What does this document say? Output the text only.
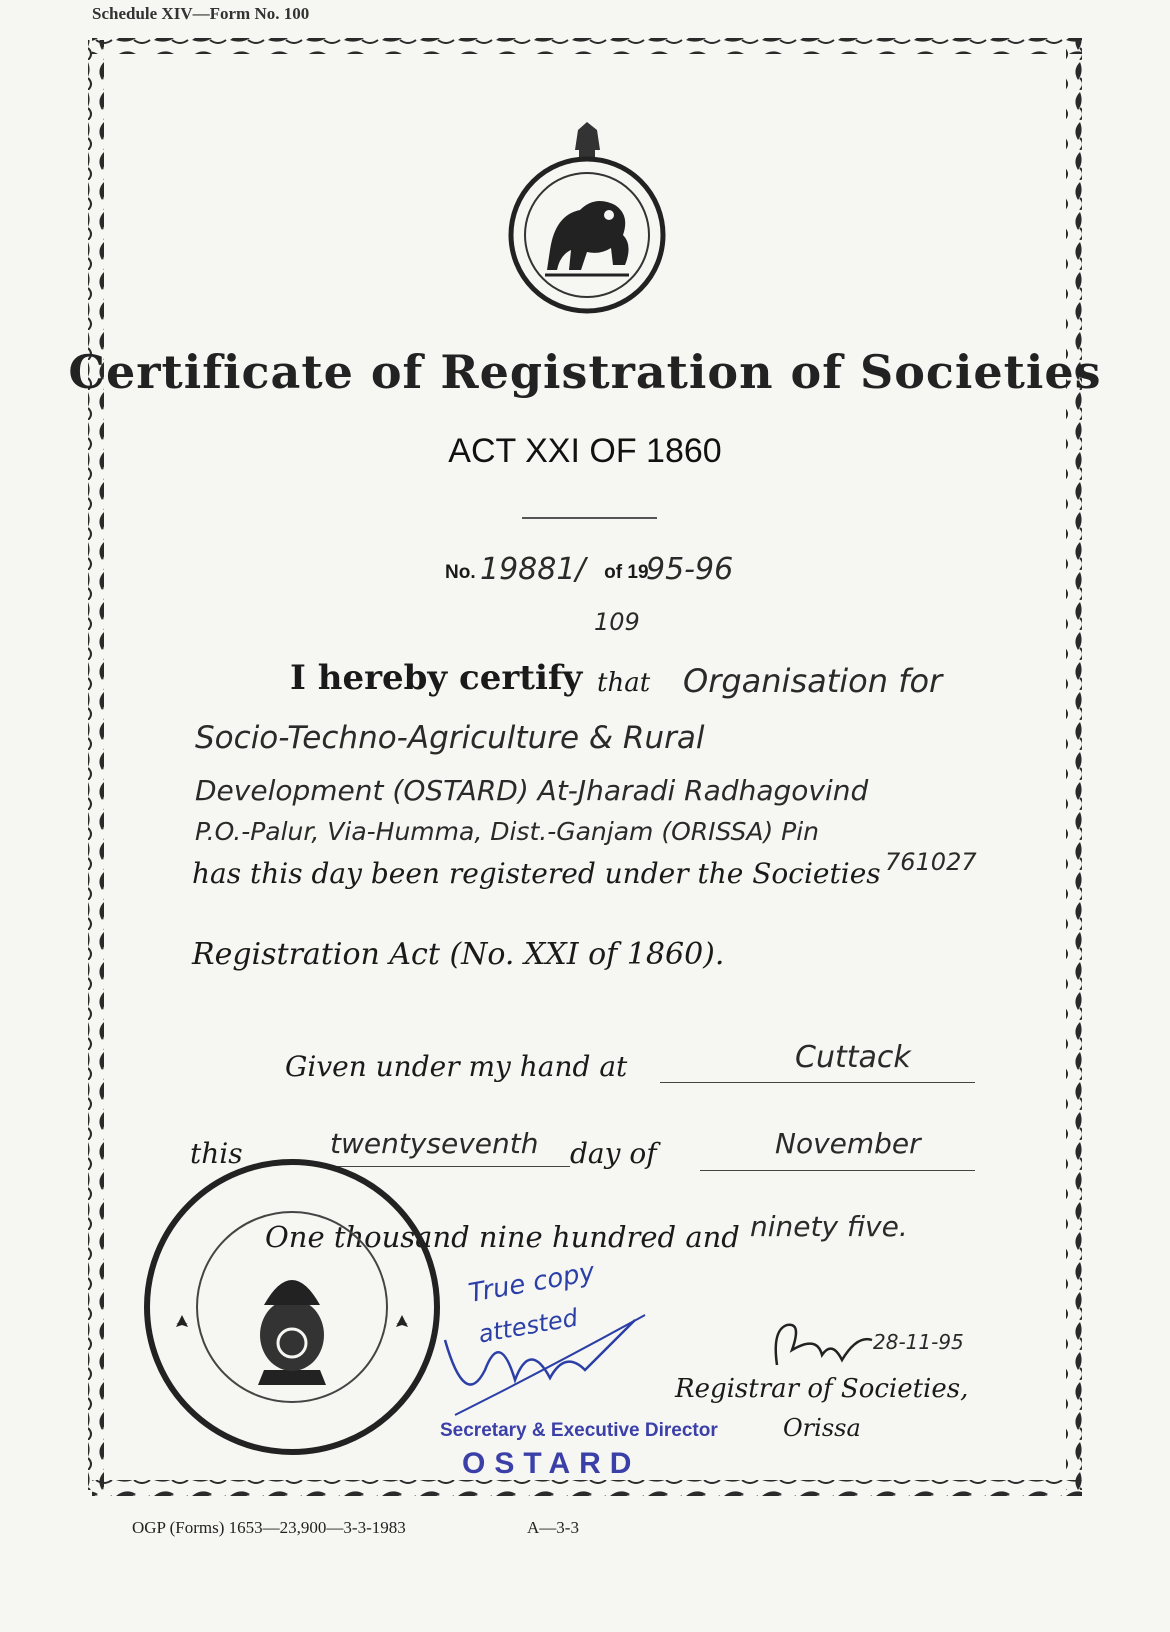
Schedule XIV—Form No. 100
Certificate of Registration of Societies
ACT XXI OF 1860
No.	of 19
19881/
109
95-96
I hereby certify that Organisation for
Socio-Techno-Agriculture & Rural
Development (OSTARD) At-Jharadi Radhagovind
P.O.-Palur, Via-Humma, Dist.-Ganjam (ORISSA) Pin
761027
has this day been registered under the Societies
Registration Act (No. XXI of 1860).
Given under my hand at	Cuttack
this	twentyseventh day of	November
One thousand nine hundred and ninety five.
True copy
attested
Secretary & Executive Director
OSTARD
28-11-95
Registrar of Societies,
Orissa
OGP (Forms) 1653—23,900—3-3-1983	A—3-3
